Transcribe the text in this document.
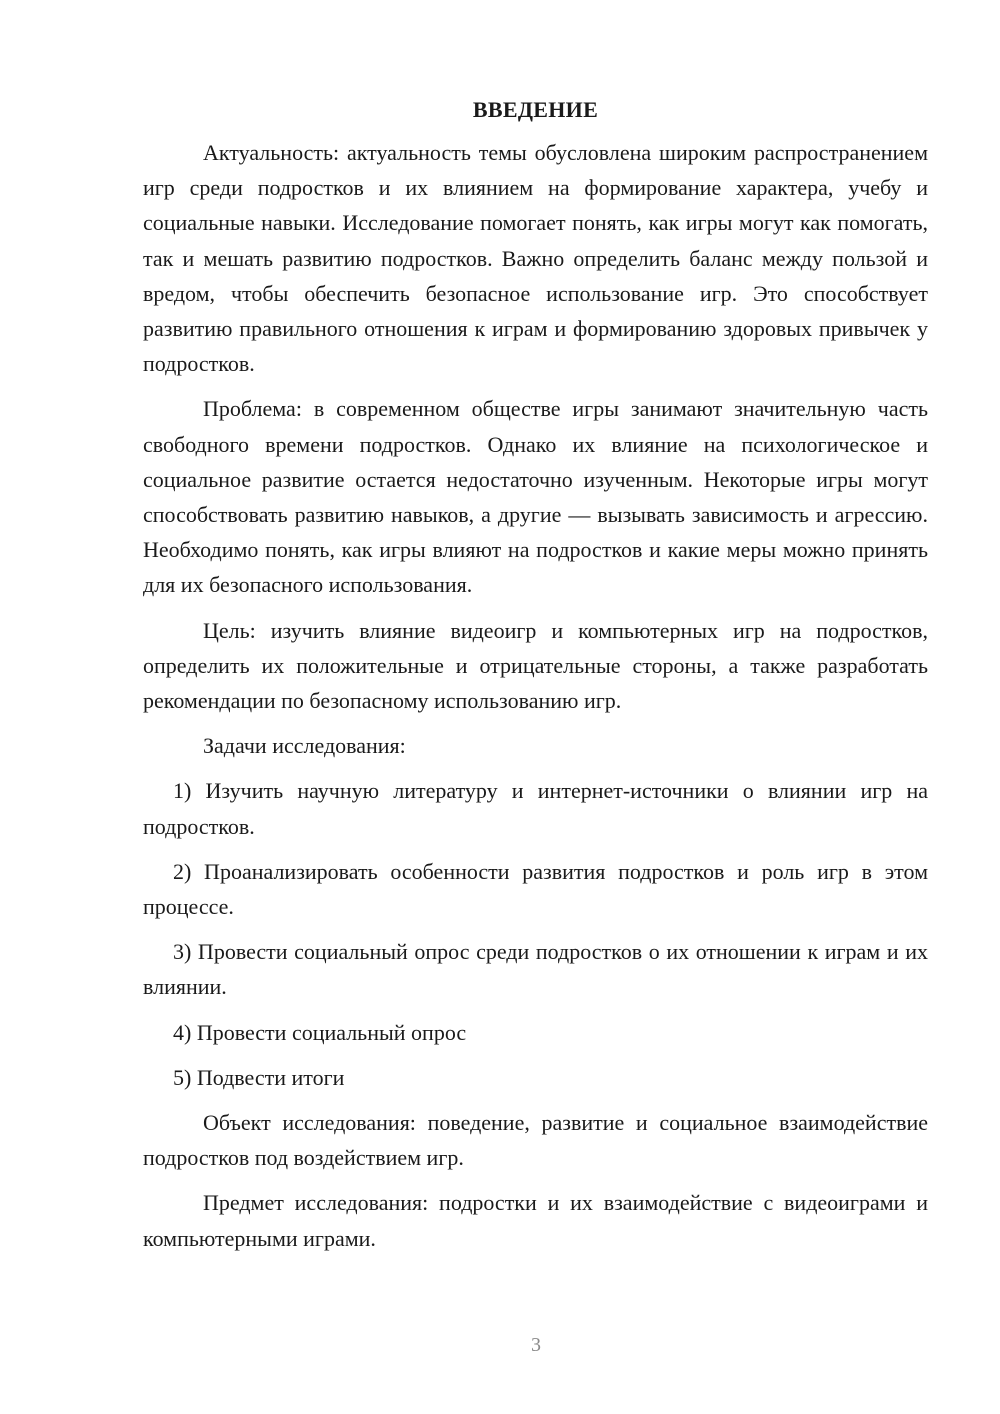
ВВЕДЕНИЕ

Актуальность: актуальность темы обусловлена широким распространением игр среди подростков и их влиянием на формирование характера, учебу и социальные навыки. Исследование помогает понять, как игры могут как помогать, так и мешать развитию подростков. Важно определить баланс между пользой и вредом, чтобы обеспечить безопасное использование игр. Это способствует развитию правильного отношения к играм и формированию здоровых привычек у подростков.

Проблема: в современном обществе игры занимают значительную часть свободного времени подростков. Однако их влияние на психологическое и социальное развитие остается недостаточно изученным. Некоторые игры могут способствовать развитию навыков, а другие — вызывать зависимость и агрессию. Необходимо понять, как игры влияют на подростков и какие меры можно принять для их безопасного использования.

Цель: изучить влияние видеоигр и компьютерных игр на подростков, определить их положительные и отрицательные стороны, а также разработать рекомендации по безопасному использованию игр.

Задачи исследования:

1) Изучить научную литературу и интернет-источники о влиянии игр на подростков.

2) Проанализировать особенности развития подростков и роль игр в этом процессе.

3) Провести социальный опрос среди подростков о их отношении к играм и их влиянии.

4) Провести социальный опрос

5) Подвести итоги

Объект исследования: поведение, развитие и социальное взаимодействие подростков под воздействием игр.

Предмет исследования: подростки и их взаимодействие с видеоиграми и компьютерными играми.

3
